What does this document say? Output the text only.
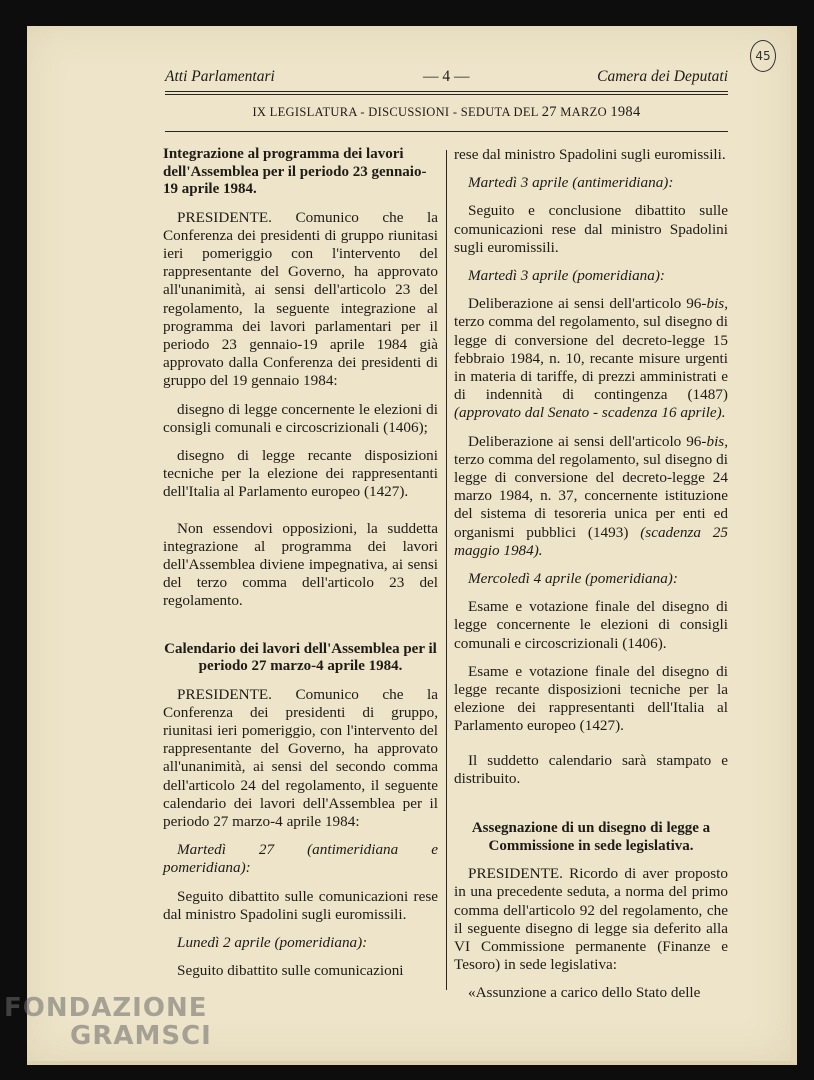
45
Atti Parlamentari	— 4 —	Camera dei Deputati
IX LEGISLATURA - DISCUSSIONI - SEDUTA DEL 27 MARZO 1984
Integrazione al programma dei lavori dell'Assemblea per il periodo 23 gennaio-19 aprile 1984.

PRESIDENTE. Comunico che la Conferenza dei presidenti di gruppo riunitasi ieri pomeriggio con l'intervento del rappresentante del Governo, ha approvato all'unanimità, ai sensi dell'articolo 23 del regolamento, la seguente integrazione al programma dei lavori parlamentari per il periodo 23 gennaio-19 aprile 1984 già approvato dalla Conferenza dei presidenti di gruppo del 19 gennaio 1984:

disegno di legge concernente le elezioni di consigli comunali e circoscrizionali (1406);

disegno di legge recante disposizioni tecniche per la elezione dei rappresentanti dell'Italia al Parlamento europeo (1427).

Non essendovi opposizioni, la suddetta integrazione al programma dei lavori dell'Assemblea diviene impegnativa, ai sensi del terzo comma dell'articolo 23 del regolamento.

Calendario dei lavori dell'Assemblea per il periodo 27 marzo-4 aprile 1984.

PRESIDENTE. Comunico che la Conferenza dei presidenti di gruppo, riunitasi ieri pomeriggio, con l'intervento del rappresentante del Governo, ha approvato all'unanimità, ai sensi del secondo comma dell'articolo 24 del regolamento, il seguente calendario dei lavori dell'Assemblea per il periodo 27 marzo-4 aprile 1984:

Martedì 27 (antimeridiana e pomeridiana):

Seguito dibattito sulle comunicazioni rese dal ministro Spadolini sugli euromissili.

Lunedì 2 aprile (pomeridiana):

Seguito dibattito sulle comunicazioni

rese dal ministro Spadolini sugli euromissili.

Martedì 3 aprile (antimeridiana):

Seguito e conclusione dibattito sulle comunicazioni rese dal ministro Spadolini sugli euromissili.

Martedì 3 aprile (pomeridiana):

Deliberazione ai sensi dell'articolo 96-bis, terzo comma del regolamento, sul disegno di legge di conversione del decreto-legge 15 febbraio 1984, n. 10, recante misure urgenti in materia di tariffe, di prezzi amministrati e di indennità di contingenza (1487) (approvato dal Senato - scadenza 16 aprile).

Deliberazione ai sensi dell'articolo 96-bis, terzo comma del regolamento, sul disegno di legge di conversione del decreto-legge 24 marzo 1984, n. 37, concernente istituzione del sistema di tesoreria unica per enti ed organismi pubblici (1493) (scadenza 25 maggio 1984).

Mercoledì 4 aprile (pomeridiana):

Esame e votazione finale del disegno di legge concernente le elezioni di consigli comunali e circoscrizionali (1406).

Esame e votazione finale del disegno di legge recante disposizioni tecniche per la elezione dei rappresentanti dell'Italia al Parlamento europeo (1427).

Il suddetto calendario sarà stampato e distribuito.

Assegnazione di un disegno di legge a Commissione in sede legislativa.

PRESIDENTE. Ricordo di aver proposto in una precedente seduta, a norma del primo comma dell'articolo 92 del regolamento, che il seguente disegno di legge sia deferito alla VI Commissione permanente (Finanze e Tesoro) in sede legislativa:

«Assunzione a carico dello Stato delle

FONDAZIONE
GRAMSCI
